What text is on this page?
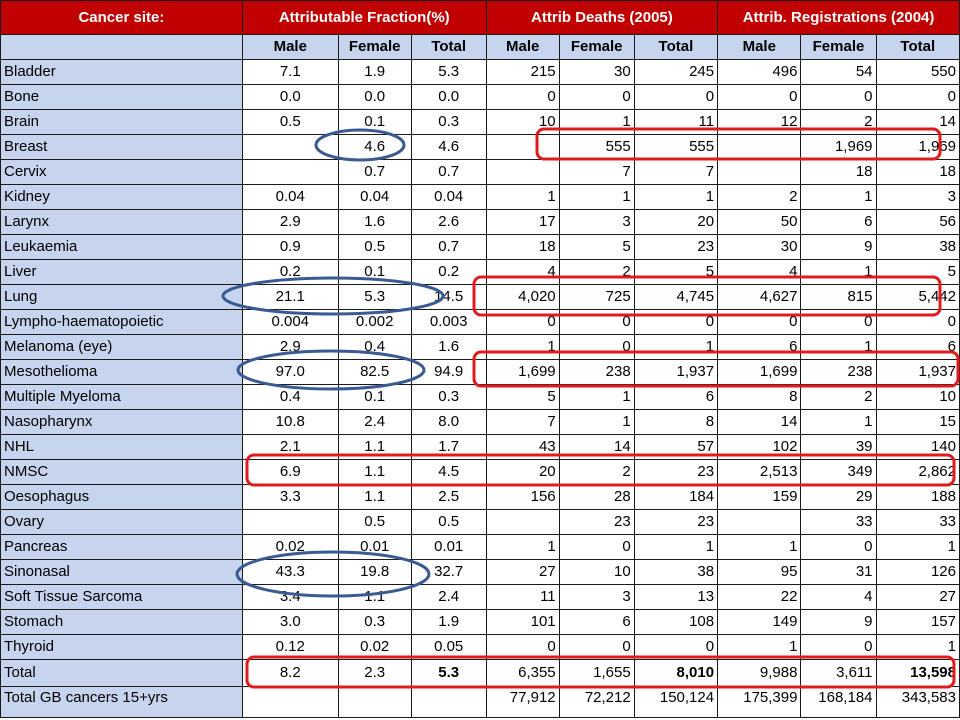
Cancer site:	Attributable Fraction(%)			Attrib Deaths (2005)			Attrib. Registrations (2004)		
	Male	Female	Total	Male	Female	Total	Male	Female	Total
Bladder	7.1	1.9	5.3	215	30	245	496	54	550
Bone	0.0	0.0	0.0	0	0	0	0	0	0
Brain	0.5	0.1	0.3	10	1	11	12	2	14
Breast		4.6	4.6		555	555		1,969	1,969
Cervix		0.7	0.7		7	7		18	18
Kidney	0.04	0.04	0.04	1	1	1	2	1	3
Larynx	2.9	1.6	2.6	17	3	20	50	6	56
Leukaemia	0.9	0.5	0.7	18	5	23	30	9	38
Liver	0.2	0.1	0.2	4	2	5	4	1	5
Lung	21.1	5.3	14.5	4,020	725	4,745	4,627	815	5,442
Lympho-haematopoietic	0.004	0.002	0.003	0	0	0	0	0	0
Melanoma (eye)	2.9	0.4	1.6	1	0	1	6	1	6
Mesothelioma	97.0	82.5	94.9	1,699	238	1,937	1,699	238	1,937
Multiple Myeloma	0.4	0.1	0.3	5	1	6	8	2	10
Nasopharynx	10.8	2.4	8.0	7	1	8	14	1	15
NHL	2.1	1.1	1.7	43	14	57	102	39	140
NMSC	6.9	1.1	4.5	20	2	23	2,513	349	2,862
Oesophagus	3.3	1.1	2.5	156	28	184	159	29	188
Ovary		0.5	0.5		23	23		33	33
Pancreas	0.02	0.01	0.01	1	0	1	1	0	1
Sinonasal	43.3	19.8	32.7	27	10	38	95	31	126
Soft Tissue Sarcoma	3.4	1.1	2.4	11	3	13	22	4	27
Stomach	3.0	0.3	1.9	101	6	108	149	9	157
Thyroid	0.12	0.02	0.05	0	0	0	1	0	1
Total	8.2	2.3	5.3	6,355	1,655	8,010	9,988	3,611	13,598
Total GB cancers 15+yrs				77,912	72,212	150,124	175,399	168,184	343,583
